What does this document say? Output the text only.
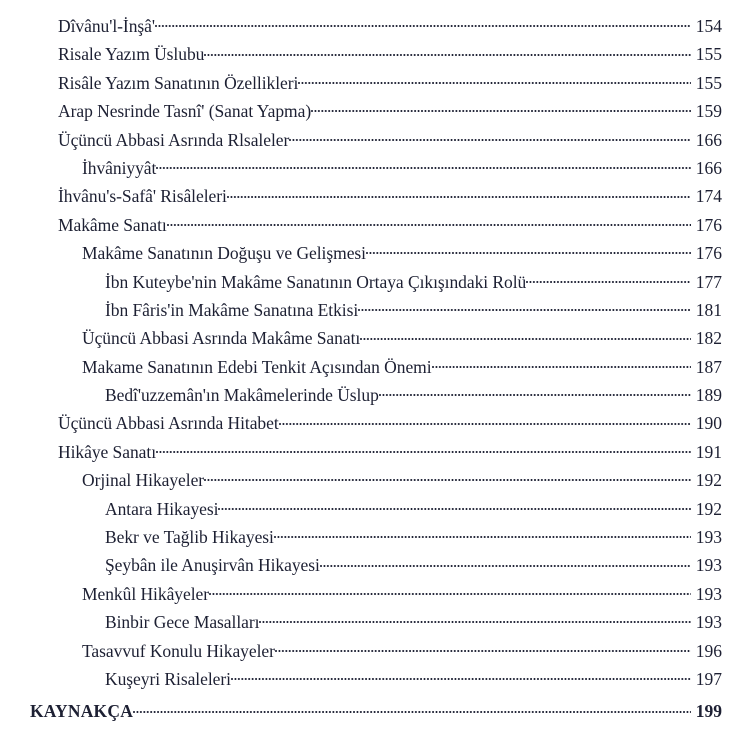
Dîvânu'l-İnşâ'	154
Risale Yazım Üslubu	155
Risâle Yazım Sanatının Özellikleri	155
Arap Nesrinde Tasnî' (Sanat Yapma)	159
Üçüncü Abbasi Asrında Rlsaleler	166
İhvâniyyât	166
İhvânu's-Safâ' Risâleleri	174
Makâme Sanatı	176
Makâme Sanatının Doğuşu ve Gelişmesi	176
İbn Kuteybe'nin Makâme Sanatının Ortaya Çıkışındaki Rolü	177
İbn Fâris'in Makâme Sanatına Etkisi	181
Üçüncü Abbasi Asrında Makâme Sanatı	182
Makame Sanatının Edebi Tenkit Açısından Önemi	187
Bedî'uzzemân'ın Makâmelerinde Üslup	189
Üçüncü Abbasi Asrında Hitabet	190
Hikâye Sanatı	191
Orjinal Hikayeler	192
Antara Hikayesi	192
Bekr ve Tağlib Hikayesi	193
Şeybân ile Anuşirvân Hikayesi	193
Menkûl Hikâyeler	193
Binbir Gece Masalları	193
Tasavvuf Konulu Hikayeler	196
Kuşeyri Risaleleri	197
KAYNAKÇA	199
